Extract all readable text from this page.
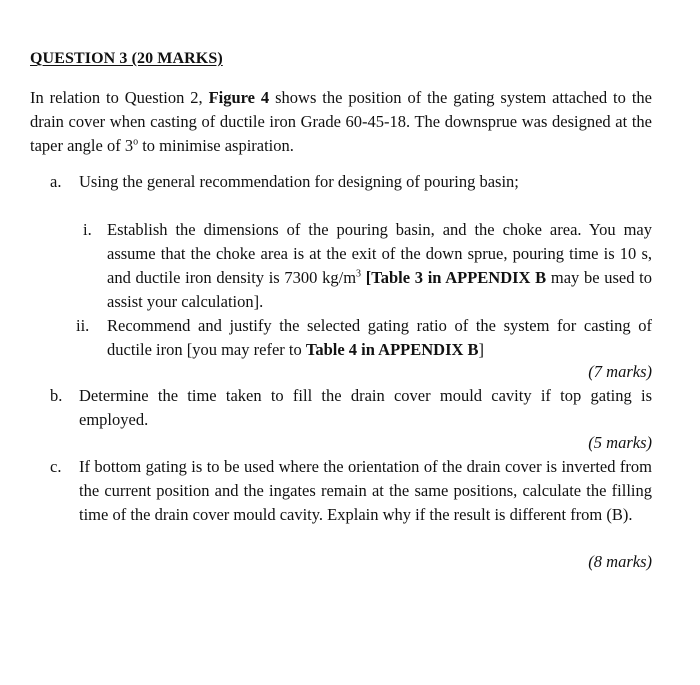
QUESTION 3 (20 MARKS)
In relation to Question 2, Figure 4 shows the position of the gating system attached to the drain cover when casting of ductile iron Grade 60-45-18. The downsprue was designed at the taper angle of 3$^o$ to minimise aspiration.
a. Using the general recommendation for designing of pouring basin;
i. Establish the dimensions of the pouring basin, and the choke area. You may assume that the choke area is at the exit of the down sprue, pouring time is 10 s, and ductile iron density is 7300 $kg/m^3$ [Table 3 in APPENDIX B may be used to assist your calculation].
ii. Recommend and justify the selected gating ratio of the system for casting of ductile iron [you may refer to Table 4 in APPENDIX B]
(7 marks)
b. Determine the time taken to fill the drain cover mould cavity if top gating is employed.
(5 marks)
c. If bottom gating is to be used where the orientation of the drain cover is inverted from the current position and the ingates remain at the same positions, calculate the filling time of the drain cover mould cavity. Explain why if the result is different from (B).
(8 marks)
